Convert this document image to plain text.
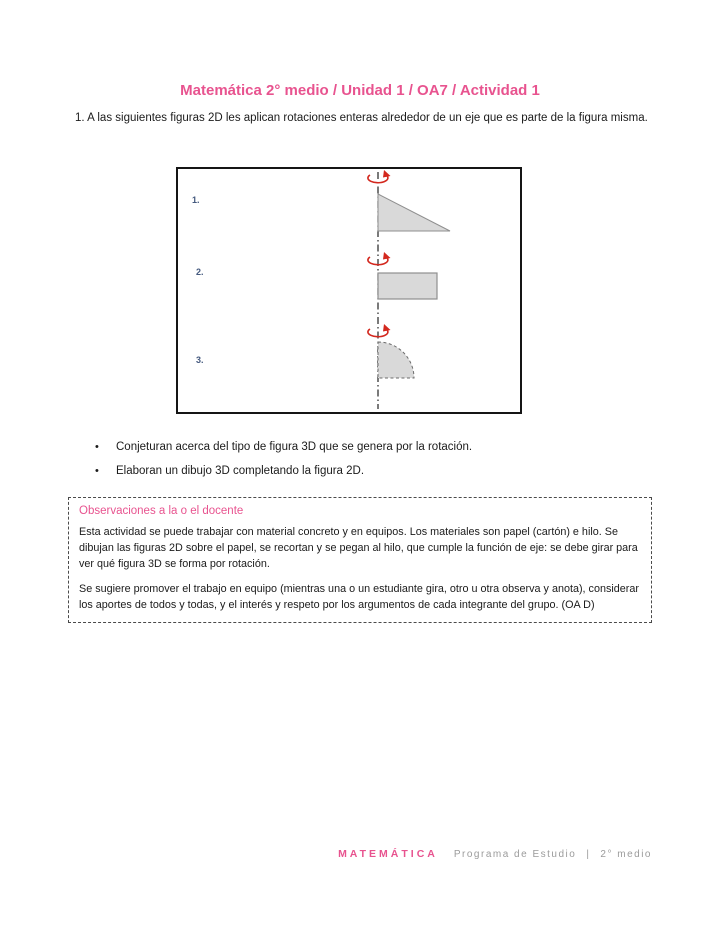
Matemática 2° medio / Unidad 1 / OA7 / Actividad 1
1. A las siguientes figuras 2D les aplican rotaciones enteras alrededor de un eje que es parte de la figura misma.
1.
2.
3.
•	Conjeturan acerca del tipo de figura 3D que se genera por la rotación.
•	Elaboran un dibujo 3D completando la figura 2D.
Observaciones a la o el docente

Esta actividad se puede trabajar con material concreto y en equipos. Los materiales son papel (cartón) e hilo. Se dibujan las figuras 2D sobre el papel, se recortan y se pegan al hilo, que cumple la función de eje: se debe girar para ver qué figura 3D se forma por rotación.

Se sugiere promover el trabajo en equipo (mientras una o un estudiante gira, otro u otra observa y anota), considerar los aportes de todos y todas, y el interés y respeto por los argumentos de cada integrante del grupo. (OA D)

MATEMÁTICA Programa de Estudio | 2° medio
